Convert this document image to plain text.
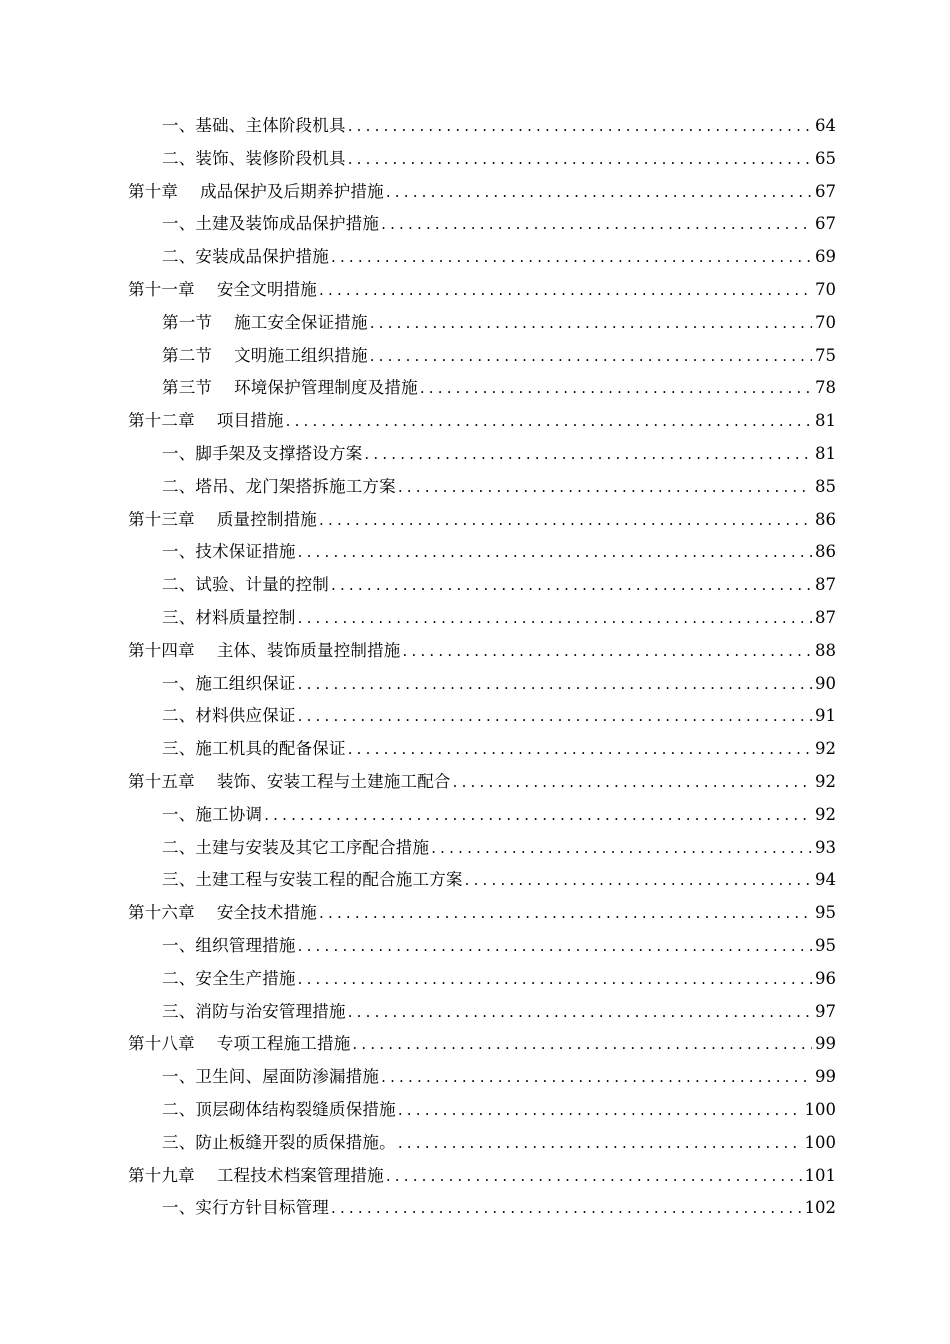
一、基础、主体阶段机具 .....	64
二、装饰、装修阶段机具 .....	65
第十章 成品保护及后期养护措施 .....	67
一、土建及装饰成品保护措施 .....	67
二、安装成品保护措施 .....	69
第十一章 安全文明措施 .....	70
第一节 施工安全保证措施 .....	70
第二节 文明施工组织措施 .....	75
第三节 环境保护管理制度及措施 .....	78
第十二章 项目措施 .....	81
一、脚手架及支撑搭设方案 .....	81
二、塔吊、龙门架搭拆施工方案 .....	85
第十三章 质量控制措施 .....	86
一、技术保证措施 .....	86
二、试验、计量的控制 .....	87
三、材料质量控制 .....	87
第十四章 主体、装饰质量控制措施 .....	88
一、施工组织保证 .....	90
二、材料供应保证 .....	91
三、施工机具的配备保证 .....	92
第十五章 装饰、安装工程与土建施工配合 .....	92
一、施工协调 .....	92
二、土建与安装及其它工序配合措施 .....	93
三、土建工程与安装工程的配合施工方案 .....	94
第十六章 安全技术措施 .....	95
一、组织管理措施 .....	95
二、安全生产措施 .....	96
三、消防与治安管理措施 .....	97
第十八章 专项工程施工措施 .....	99
一、卫生间、屋面防渗漏措施 .....	99
二、顶层砌体结构裂缝质保措施 .....	100
三、防止板缝开裂的质保措施。 .....	100
第十九章 工程技术档案管理措施 .....	101
一、实行方针目标管理 .....	102
